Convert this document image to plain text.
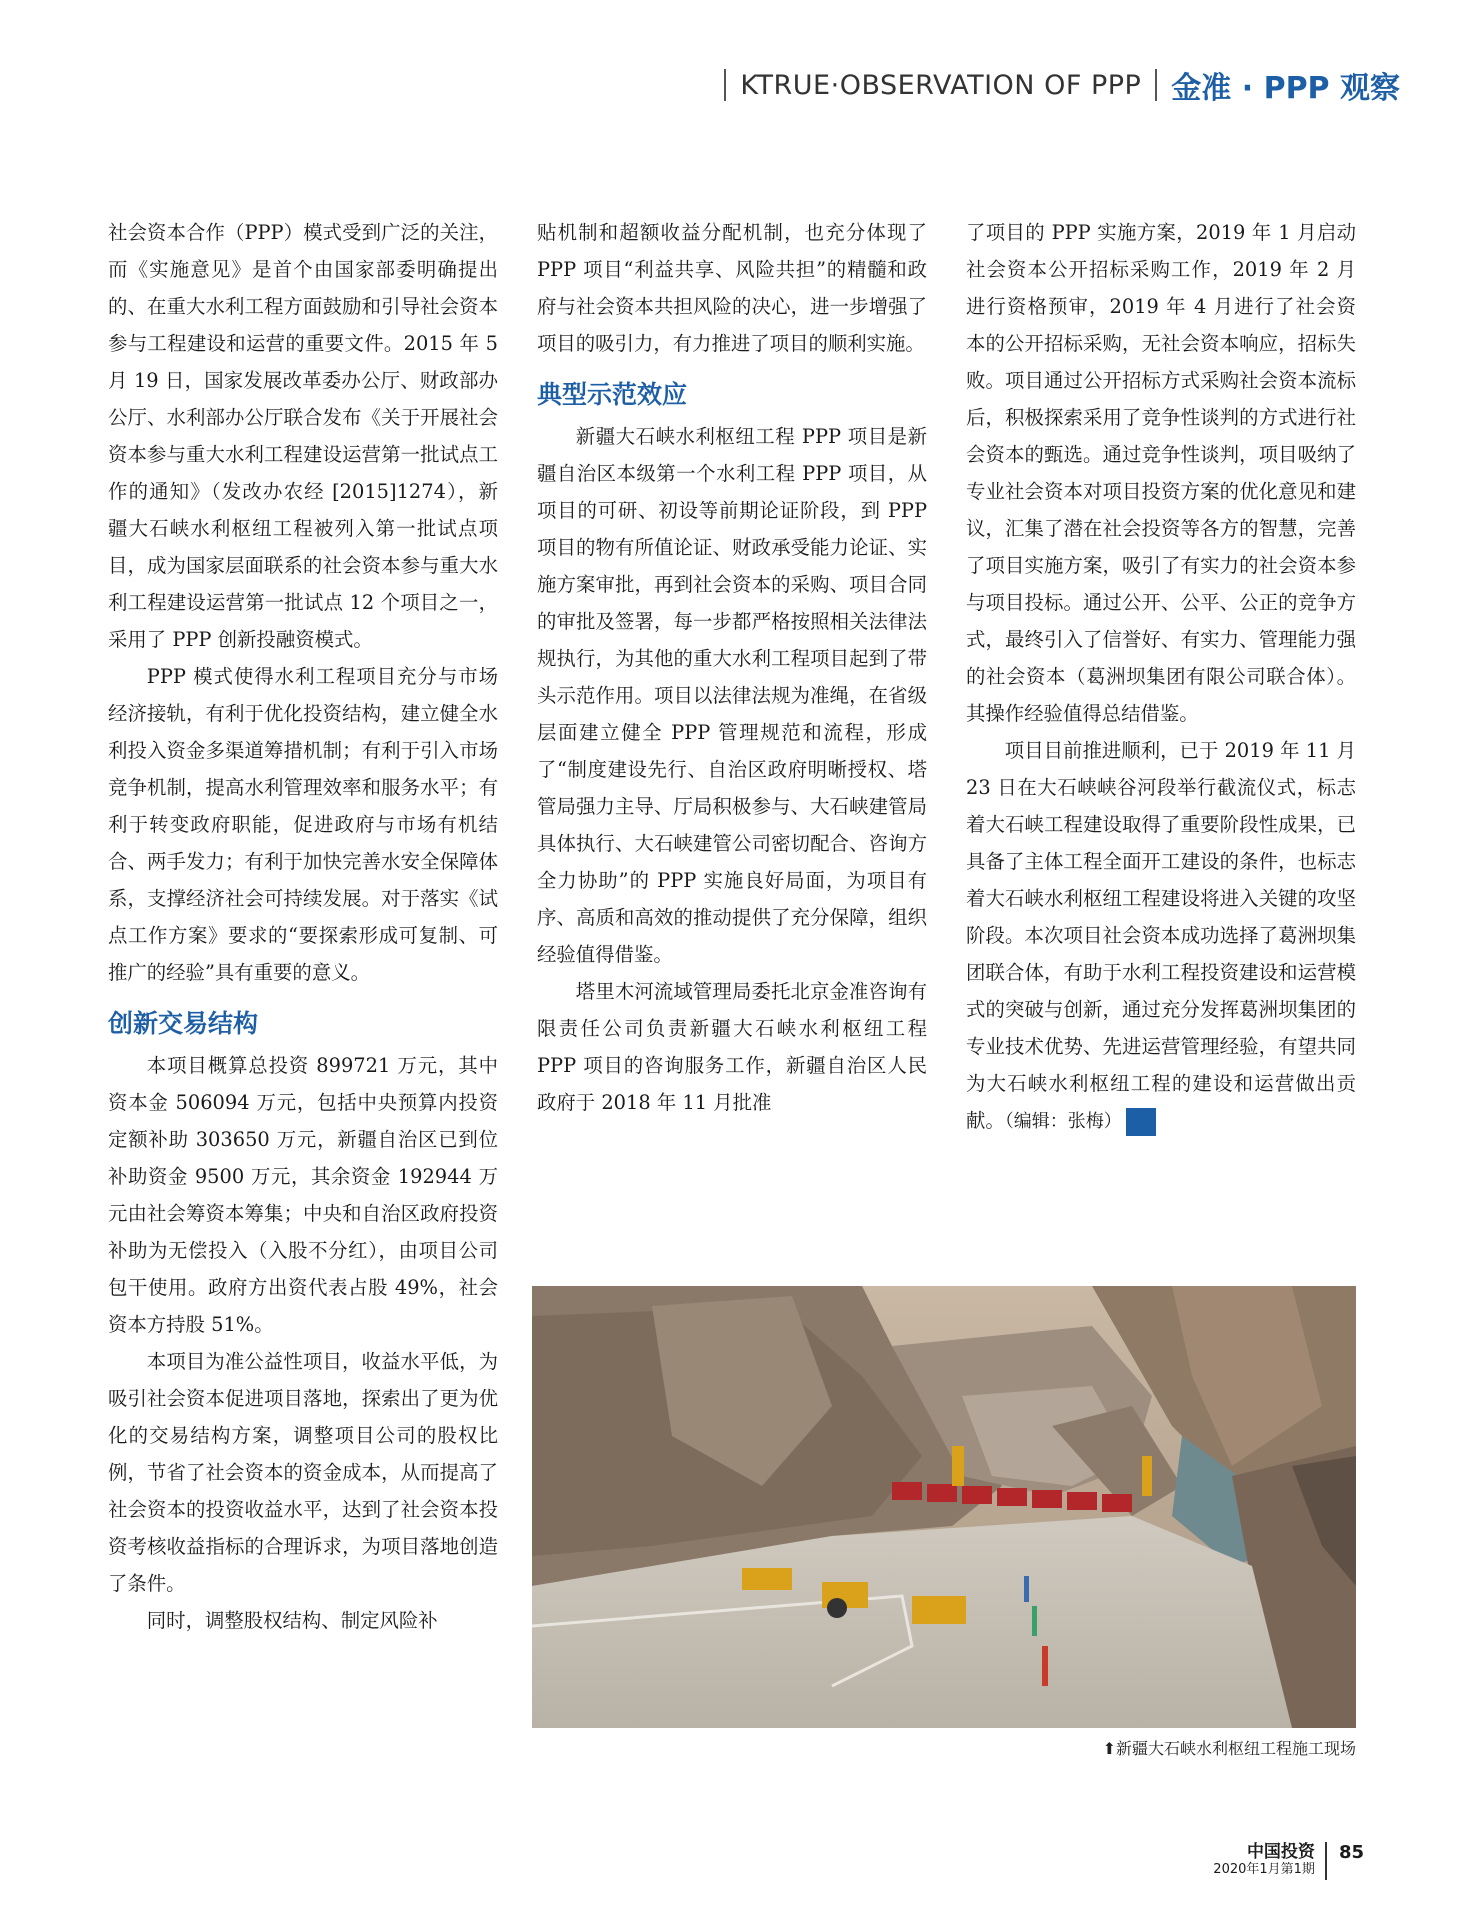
KTRUE·OBSERVATION OF PPP 金准 · PPP 观察

社会资本合作（PPP）模式受到广泛的关注，而《实施意见》是首个由国家部委明确提出的、在重大水利工程方面鼓励和引导社会资本参与工程建设和运营的重要文件。2015 年 5 月 19 日，国家发展改革委办公厅、财政部办公厅、水利部办公厅联合发布《关于开展社会资本参与重大水利工程建设运营第一批试点工作的通知》（发改办农经 [2015]1274），新疆大石峡水利枢纽工程被列入第一批试点项目，成为国家层面联系的社会资本参与重大水利工程建设运营第一批试点 12 个项目之一，采用了 PPP 创新投融资模式。

PPP 模式使得水利工程项目充分与市场经济接轨，有利于优化投资结构，建立健全水利投入资金多渠道筹措机制；有利于引入市场竞争机制，提高水利管理效率和服务水平；有利于转变政府职能，促进政府与市场有机结合、两手发力；有利于加快完善水安全保障体系，支撑经济社会可持续发展。对于落实《试点工作方案》要求的“要探索形成可复制、可推广的经验”具有重要的意义。

创新交易结构

本项目概算总投资 899721 万元，其中资本金 506094 万元，包括中央预算内投资定额补助 303650 万元，新疆自治区已到位补助资金 9500 万元，其余资金 192944 万元由社会筹资本筹集；中央和自治区政府投资补助为无偿投入（入股不分红），由项目公司包干使用。政府方出资代表占股 49%，社会资本方持股 51%。

本项目为准公益性项目，收益水平低，为吸引社会资本促进项目落地，探索出了更为优化的交易结构方案，调整项目公司的股权比例，节省了社会资本的资金成本，从而提高了社会资本的投资收益水平，达到了社会资本投资考核收益指标的合理诉求，为项目落地创造了条件。

同时，调整股权结构、制定风险补

贴机制和超额收益分配机制，也充分体现了 PPP 项目“利益共享、风险共担”的精髓和政府与社会资本共担风险的决心，进一步增强了项目的吸引力，有力推进了项目的顺利实施。

典型示范效应

新疆大石峡水利枢纽工程 PPP 项目是新疆自治区本级第一个水利工程 PPP 项目，从项目的可研、初设等前期论证阶段，到 PPP 项目的物有所值论证、财政承受能力论证、实施方案审批，再到社会资本的采购、项目合同的审批及签署，每一步都严格按照相关法律法规执行，为其他的重大水利工程项目起到了带头示范作用。项目以法律法规为准绳，在省级层面建立健全 PPP 管理规范和流程，形成了“制度建设先行、自治区政府明晰授权、塔管局强力主导、厅局积极参与、大石峡建管局具体执行、大石峡建管公司密切配合、咨询方全力协助”的 PPP 实施良好局面，为项目有序、高质和高效的推动提供了充分保障，组织经验值得借鉴。

塔里木河流域管理局委托北京金准咨询有限责任公司负责新疆大石峡水利枢纽工程 PPP 项目的咨询服务工作，新疆自治区人民政府于 2018 年 11 月批准

了项目的 PPP 实施方案，2019 年 1 月启动社会资本公开招标采购工作，2019 年 2 月进行资格预审，2019 年 4 月进行了社会资本的公开招标采购，无社会资本响应，招标失败。项目通过公开招标方式采购社会资本流标后，积极探索采用了竞争性谈判的方式进行社会资本的甄选。通过竞争性谈判，项目吸纳了专业社会资本对项目投资方案的优化意见和建议，汇集了潜在社会投资等各方的智慧，完善了项目实施方案，吸引了有实力的社会资本参与项目投标。通过公开、公平、公正的竞争方式，最终引入了信誉好、有实力、管理能力强的社会资本（葛洲坝集团有限公司联合体）。其操作经验值得总结借鉴。

项目目前推进顺利，已于 2019 年 11 月 23 日在大石峡峡谷河段举行截流仪式，标志着大石峡工程建设取得了重要阶段性成果，已具备了主体工程全面开工建设的条件，也标志着大石峡水利枢纽工程建设将进入关键的攻坚阶段。本次项目社会资本成功选择了葛洲坝集团联合体，有助于水利工程投资建设和运营模式的突破与创新，通过充分发挥葛洲坝集团的专业技术优势、先进运营管理经验，有望共同为大石峡水利枢纽工程的建设和运营做出贡献。（编辑：张梅） TZ

⬆新疆大石峡水利枢纽工程施工现场
中国投资
2020年1月第1期
85
